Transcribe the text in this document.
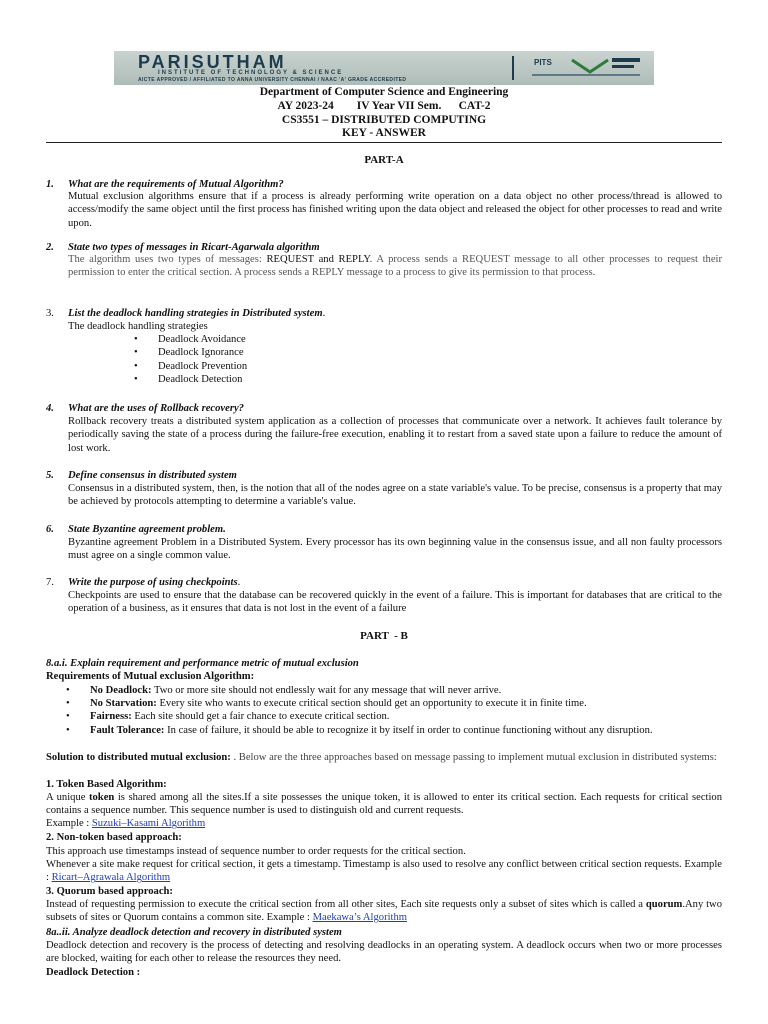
PARISUTHAM
INSTITUTE OF TECHNOLOGY & SCIENCE
AICTE APPROVED / AFFILIATED TO ANNA UNIVERSITY CHENNAI / NAAC 'A' GRADE ACCREDITED
PITS
Department of Computer Science and Engineering
AY 2023-24        IV Year VII Sem.      CAT-2
CS3551 – DISTRIBUTED COMPUTING
KEY - ANSWER
PART-A
1. What are the requirements of Mutual Algorithm?
Mutual exclusion algorithms ensure that if a process is already performing write operation on a data object no other process/thread is allowed to access/modify the same object until the first process has finished writing upon the data object and released the object for other processes to read and write upon.
2. State two types of messages in Ricart-Agarwala algorithm
The algorithm uses two types of messages: REQUEST and REPLY. A process sends a REQUEST message to all other processes to request their permission to enter the critical section. A process sends a REPLY message to a process to give its permission to that process.
3. List the deadlock handling strategies in Distributed system.
The deadlock handling strategies
• Deadlock Avoidance
• Deadlock Ignorance
• Deadlock Prevention
• Deadlock Detection
4. What are the uses of Rollback recovery?
Rollback recovery treats a distributed system application as a collection of processes that communicate over a network. It achieves fault tolerance by periodically saving the state of a process during the failure-free execution, enabling it to restart from a saved state upon a failure to reduce the amount of lost work.
5. Define consensus in distributed system
Consensus in a distributed system, then, is the notion that all of the nodes agree on a state variable's value. To be precise, consensus is a property that may be achieved by protocols attempting to determine a variable's value.
6. State Byzantine agreement problem.
Byzantine agreement Problem in a Distributed System. Every processor has its own beginning value in the consensus issue, and all non faulty processors must agree on a single common value.
7. Write the purpose of using checkpoints.
Checkpoints are used to ensure that the database can be recovered quickly in the event of a failure. This is important for databases that are critical to the operation of a business, as it ensures that data is not lost in the event of a failure
PART  - B
8.a.i. Explain requirement and performance metric of mutual exclusion
Requirements of Mutual exclusion Algorithm:
• No Deadlock: Two or more site should not endlessly wait for any message that will never arrive.
• No Starvation: Every site who wants to execute critical section should get an opportunity to execute it in finite time.
• Fairness: Each site should get a fair chance to execute critical section.
• Fault Tolerance: In case of failure, it should be able to recognize it by itself in order to continue functioning without any disruption.
Solution to distributed mutual exclusion: . Below are the three approaches based on message passing to implement mutual exclusion in distributed systems:
1. Token Based Algorithm:
A unique token is shared among all the sites.If a site possesses the unique token, it is allowed to enter its critical section. Each requests for critical section contains a sequence number. This sequence number is used to distinguish old and current requests.
Example : Suzuki–Kasami Algorithm
2. Non-token based approach:
This approach use timestamps instead of sequence number to order requests for the critical section.
Whenever a site make request for critical section, it gets a timestamp. Timestamp is also used to resolve any conflict between critical section requests. Example : Ricart–Agrawala Algorithm
3. Quorum based approach:
Instead of requesting permission to execute the critical section from all other sites, Each site requests only a subset of sites which is called a quorum.Any two subsets of sites or Quorum contains a common site. Example : Maekawa’s Algorithm
8a..ii. Analyze deadlock detection and recovery in distributed system
Deadlock detection and recovery is the process of detecting and resolving deadlocks in an operating system. A deadlock occurs when two or more processes are blocked, waiting for each other to release the resources they need.
Deadlock Detection :
